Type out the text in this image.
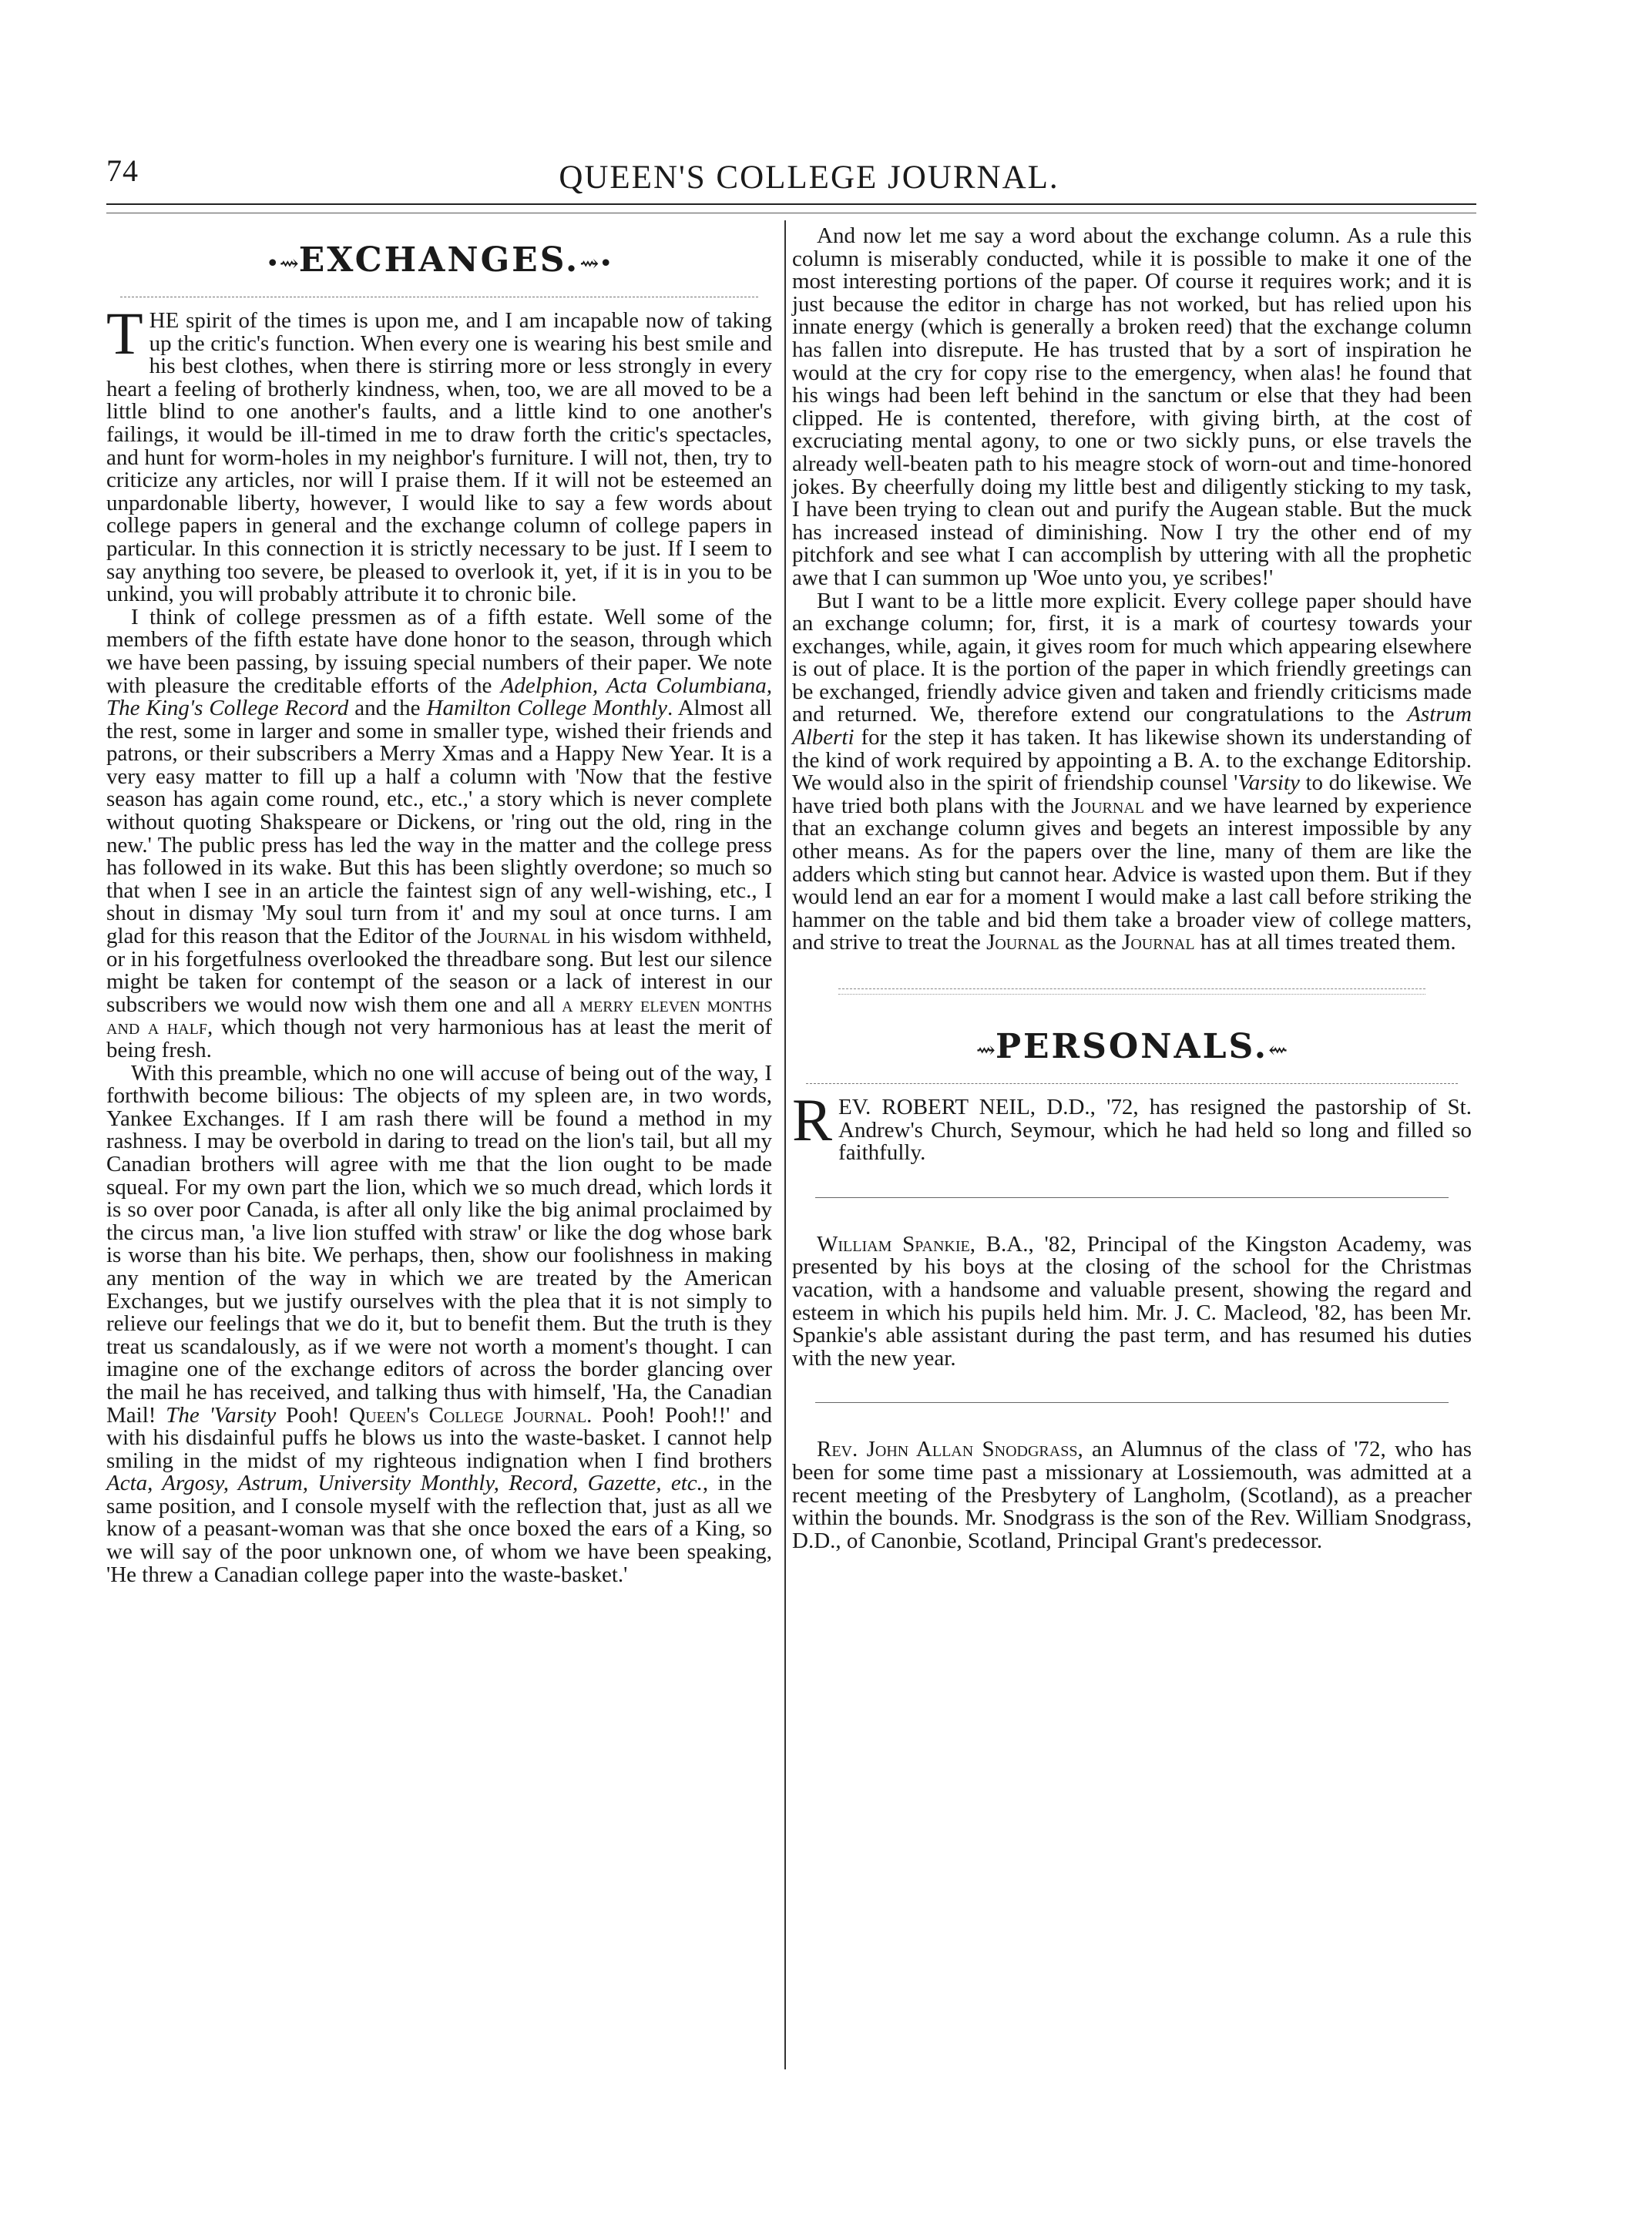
74	QUEEN'S COLLEGE JOURNAL.
•⇝EXCHANGES.⇝•

THE spirit of the times is upon me, and I am incapable now of taking up the critic's function. When every one is wearing his best smile and his best clothes, when there is stirring more or less strongly in every heart a feeling of brotherly kindness, when, too, we are all moved to be a little blind to one another's faults, and a little kind to one another's failings, it would be ill-timed in me to draw forth the critic's spectacles, and hunt for worm-holes in my neighbor's furniture. I will not, then, try to criticize any articles, nor will I praise them. If it will not be esteemed an unpardonable liberty, however, I would like to say a few words about college papers in general and the exchange column of college papers in particular. In this connection it is strictly necessary to be just. If I seem to say anything too severe, be pleased to overlook it, yet, if it is in you to be unkind, you will probably attribute it to chronic bile.

I think of college pressmen as of a fifth estate. Well some of the members of the fifth estate have done honor to the season, through which we have been passing, by issuing special numbers of their paper. We note with pleasure the creditable efforts of the Adelphion, Acta Columbiana, The King's College Record and the Hamilton College Monthly. Almost all the rest, some in larger and some in smaller type, wished their friends and patrons, or their subscribers a Merry Xmas and a Happy New Year. It is a very easy matter to fill up a half a column with 'Now that the festive season has again come round, etc., etc.,' a story which is never complete without quoting Shakspeare or Dickens, or 'ring out the old, ring in the new.' The public press has led the way in the matter and the college press has followed in its wake. But this has been slightly overdone; so much so that when I see in an article the faintest sign of any well-wishing, etc., I shout in dismay 'My soul turn from it' and my soul at once turns. I am glad for this reason that the Editor of the Journal in his wisdom withheld, or in his forgetfulness overlooked the threadbare song. But lest our silence might be taken for contempt of the season or a lack of interest in our subscribers we would now wish them one and all a merry eleven months and a half, which though not very harmonious has at least the merit of being fresh.

With this preamble, which no one will accuse of being out of the way, I forthwith become bilious: The objects of my spleen are, in two words, Yankee Exchanges. If I am rash there will be found a method in my rashness. I may be overbold in daring to tread on the lion's tail, but all my Canadian brothers will agree with me that the lion ought to be made squeal. For my own part the lion, which we so much dread, which lords it is so over poor Canada, is after all only like the big animal proclaimed by the circus man, 'a live lion stuffed with straw' or like the dog whose bark is worse than his bite. We perhaps, then, show our foolishness in making any mention of the way in which we are treated by the American Exchanges, but we justify ourselves with the plea that it is not simply to relieve our feelings that we do it, but to benefit them. But the truth is they treat us scandalously, as if we were not worth a moment's thought. I can imagine one of the exchange editors of across the border glancing over the mail he has received, and talking thus with himself, 'Ha, the Canadian Mail! The 'Varsity Pooh! Queen's College Journal. Pooh! Pooh!!' and with his disdainful puffs he blows us into the waste-basket. I cannot help smiling in the midst of my righteous indignation when I find brothers Acta, Argosy, Astrum, University Monthly, Record, Gazette, etc., in the same position, and I console myself with the reflection that, just as all we know of a peasant-woman was that she once boxed the ears of a King, so we will say of the poor unknown one, of whom we have been speaking, 'He threw a Canadian college paper into the waste-basket.'

And now let me say a word about the exchange column. As a rule this column is miserably conducted, while it is possible to make it one of the most interesting portions of the paper. Of course it requires work; and it is just because the editor in charge has not worked, but has relied upon his innate energy (which is generally a broken reed) that the exchange column has fallen into disrepute. He has trusted that by a sort of inspiration he would at the cry for copy rise to the emergency, when alas! he found that his wings had been left behind in the sanctum or else that they had been clipped. He is contented, therefore, with giving birth, at the cost of excruciating mental agony, to one or two sickly puns, or else travels the already well-beaten path to his meagre stock of worn-out and time-honored jokes. By cheerfully doing my little best and diligently sticking to my task, I have been trying to clean out and purify the Augean stable. But the muck has increased instead of diminishing. Now I try the other end of my pitchfork and see what I can accomplish by uttering with all the prophetic awe that I can summon up 'Woe unto you, ye scribes!'

But I want to be a little more explicit. Every college paper should have an exchange column; for, first, it is a mark of courtesy towards your exchanges, while, again, it gives room for much which appearing elsewhere is out of place. It is the portion of the paper in which friendly greetings can be exchanged, friendly advice given and taken and friendly criticisms made and returned. We, therefore extend our congratulations to the Astrum Alberti for the step it has taken. It has likewise shown its understanding of the kind of work required by appointing a B. A. to the exchange Editorship. We would also in the spirit of friendship counsel 'Varsity to do likewise. We have tried both plans with the Journal and we have learned by experience that an exchange column gives and begets an interest impossible by any other means. As for the papers over the line, many of them are like the adders which sting but cannot hear. Advice is wasted upon them. But if they would lend an ear for a moment I would make a last call before striking the hammer on the table and bid them take a broader view of college matters, and strive to treat the Journal as the Journal has at all times treated them.

⇝PERSONALS.⇜

REV. ROBERT NEIL, D.D., '72, has resigned the pastorship of St. Andrew's Church, Seymour, which he had held so long and filled so faithfully.

William Spankie, B.A., '82, Principal of the Kingston Academy, was presented by his boys at the closing of the school for the Christmas vacation, with a handsome and valuable present, showing the regard and esteem in which his pupils held him. Mr. J. C. Macleod, '82, has been Mr. Spankie's able assistant during the past term, and has resumed his duties with the new year.

Rev. John Allan Snodgrass, an Alumnus of the class of '72, who has been for some time past a missionary at Lossiemouth, was admitted at a recent meeting of the Presbytery of Langholm, (Scotland), as a preacher within the bounds. Mr. Snodgrass is the son of the Rev. William Snodgrass, D.D., of Canonbie, Scotland, Principal Grant's predecessor.
